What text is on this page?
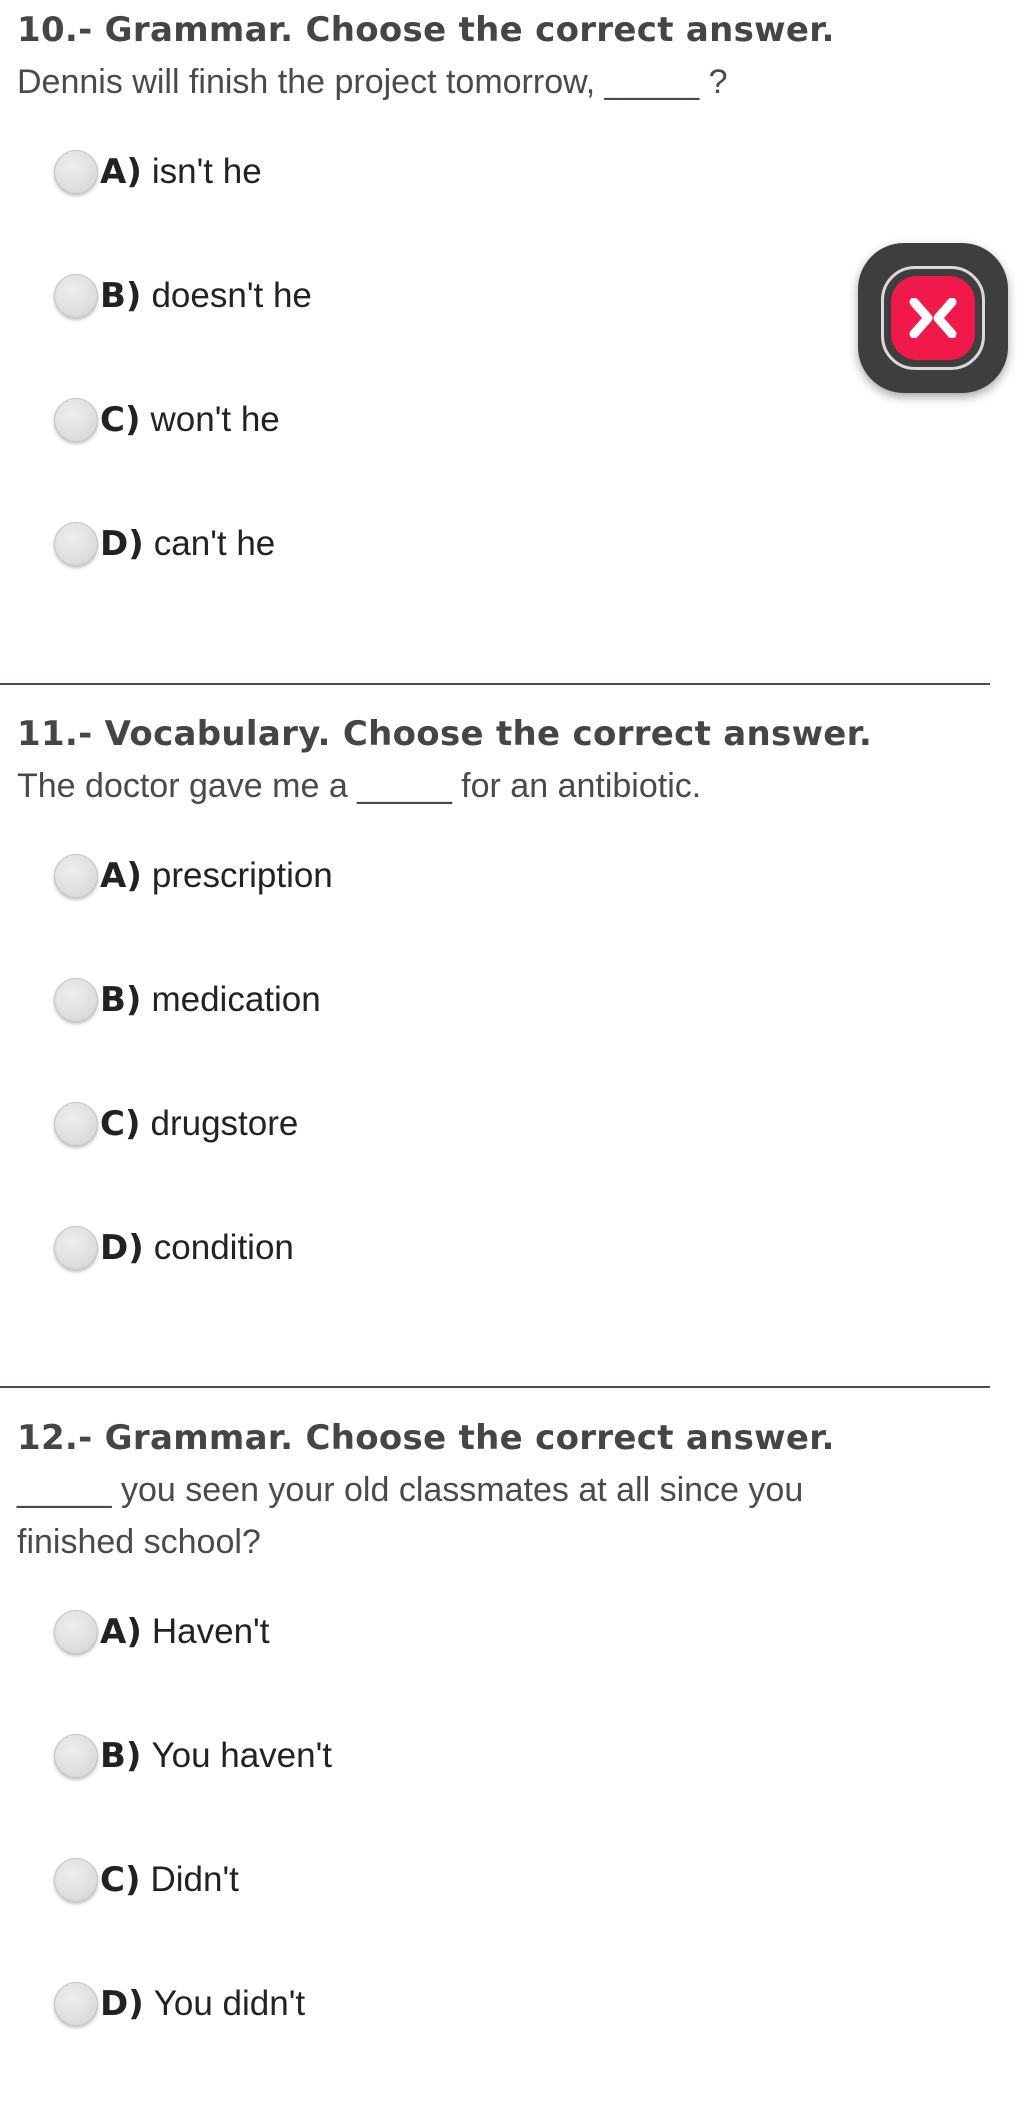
10.- Grammar. Choose the correct answer.

Dennis will finish the project tomorrow, _____ ?

A) isn't he
B) doesn't he
C) won't he
D) can't he
11.- Vocabulary. Choose the correct answer.

The doctor gave me a _____ for an antibiotic.

A) prescription
B) medication
C) drugstore
D) condition
12.- Grammar. Choose the correct answer.

_____ you seen your old classmates at all since you finished school?

A) Haven't
B) You haven't
C) Didn't
D) You didn't
